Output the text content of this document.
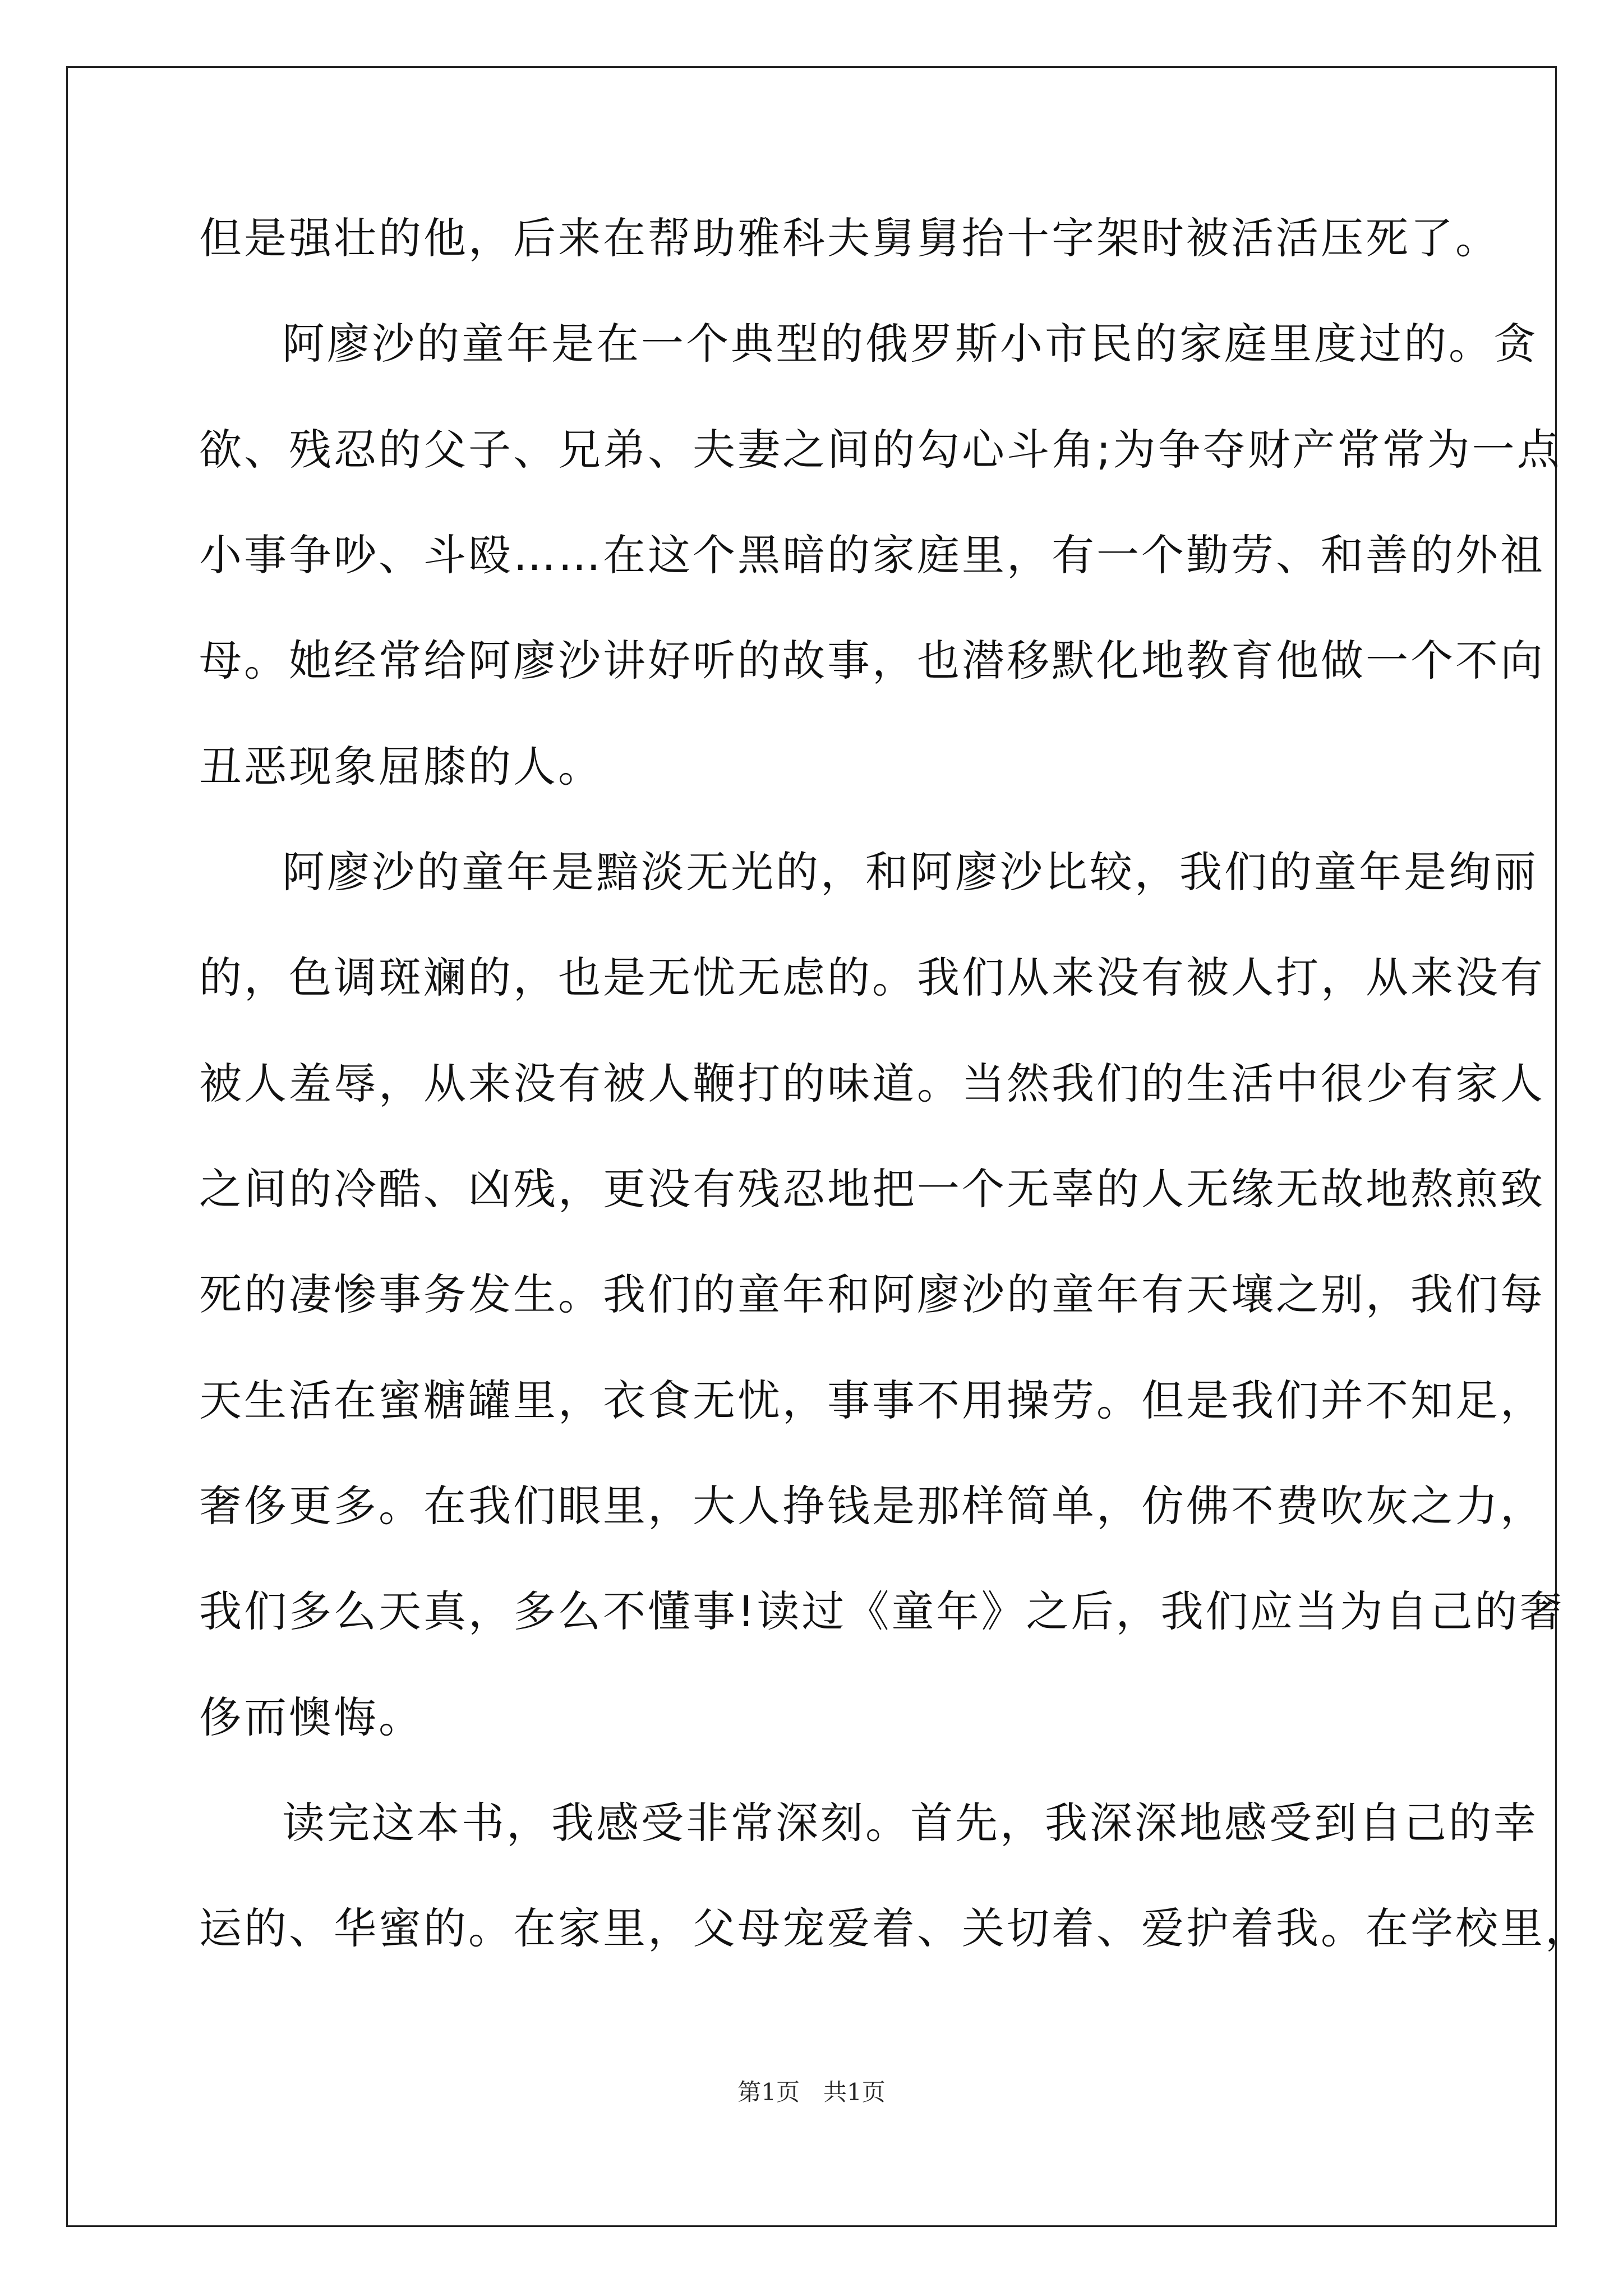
但是强壮的他，后来在帮助雅科夫舅舅抬十字架时被活活压死了。
阿廖沙的童年是在一个典型的俄罗斯小市民的家庭里度过的。贪
欲、残忍的父子、兄弟、夫妻之间的勾心斗角;为争夺财产常常为一点
小事争吵、斗殴……在这个黑暗的家庭里，有一个勤劳、和善的外祖
母。她经常给阿廖沙讲好听的故事，也潜移默化地教育他做一个不向
丑恶现象屈膝的人。
阿廖沙的童年是黯淡无光的，和阿廖沙比较，我们的童年是绚丽
的，色调斑斓的，也是无忧无虑的。我们从来没有被人打，从来没有
被人羞辱，从来没有被人鞭打的味道。当然我们的生活中很少有家人
之间的冷酷、凶残，更没有残忍地把一个无辜的人无缘无故地熬煎致
死的凄惨事务发生。我们的童年和阿廖沙的童年有天壤之别，我们每
天生活在蜜糖罐里，衣食无忧，事事不用操劳。但是我们并不知足，
奢侈更多。在我们眼里，大人挣钱是那样简单，仿佛不费吹灰之力，
我们多么天真，多么不懂事!读过《童年》之后，我们应当为自己的奢
侈而懊悔。
读完这本书，我感受非常深刻。首先，我深深地感受到自己的幸
运的、华蜜的。在家里，父母宠爱着、关切着、爱护着我。在学校里，
第1页　共1页
